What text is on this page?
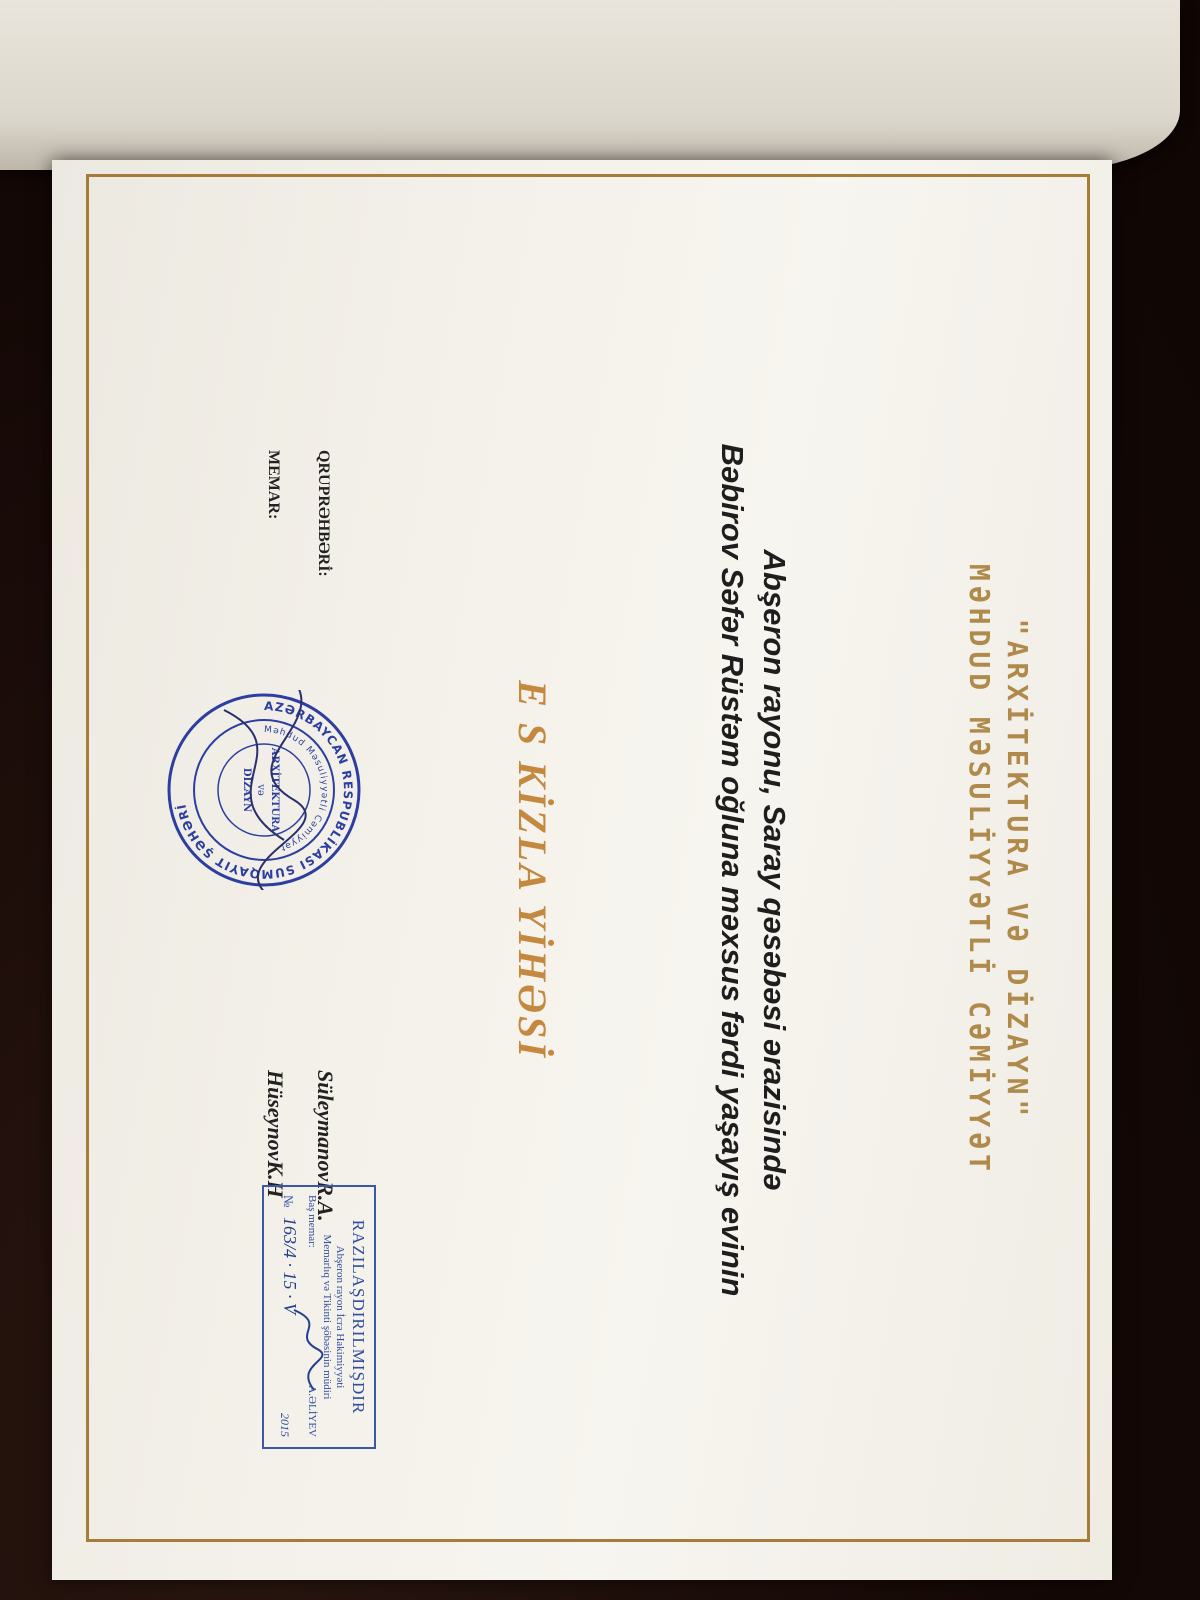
"ARXİTEKTURA VƏ DİZAYN"
MƏHDUD MƏSULİYYƏTLİ CƏMİYYƏT
Abşeron rayonu, Saray qəsəbəsi ərazisində
Bəbirov Səfər Rüstəm oğluna məxsus fərdi yaşayış evinin
E S KİZLA YİHƏSİ
QRUPRƏHBƏRİ:
SüleymanovR.A.
MEMAR:
HüseynovK.H
AZƏRBAYCAN RESPUBLİKASI SUMQAYIT ŞƏHƏRİ
Məhdud Məsuliyyətli Cəmiyyət
ARXİTEKTURA
və
DİZAYN
RAZILAŞDIRILMIŞDIR
Abşeron rayon İcra Hakimiyyəti
Memarlıq və Tikinti şöbəsinin müdiri
Baş memar:
A.ƏLİYEV
№
163/4 · 15 · V
2015
